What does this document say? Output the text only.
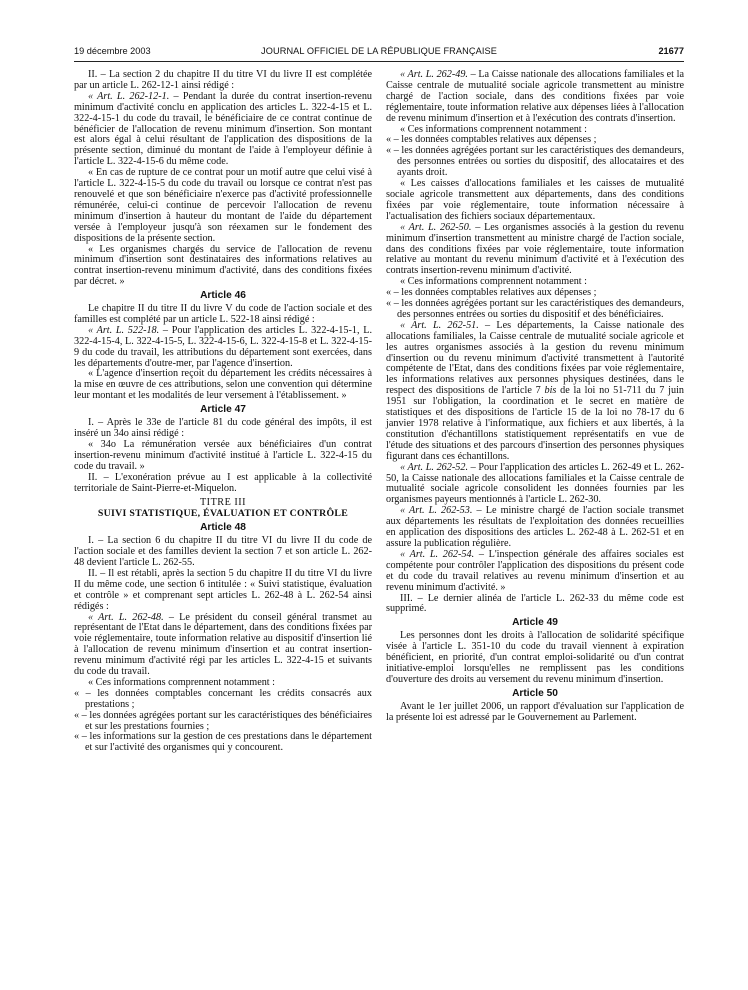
19 décembre 2003	JOURNAL OFFICIEL DE LA RÉPUBLIQUE FRANÇAISE	21677

II. – La section 2 du chapitre II du titre VI du livre II est complétée par un article L. 262-12-1 ainsi rédigé :

« Art. L. 262-12-1. – Pendant la durée du contrat insertion-revenu minimum d'activité conclu en application des articles L. 322-4-15 et L. 322-4-15-1 du code du travail, le bénéficiaire de ce contrat continue de bénéficier de l'allocation de revenu minimum d'insertion. Son montant est alors égal à celui résultant de l'application des dispositions de la présente section, diminué du montant de l'aide à l'employeur définie à l'article L. 322-4-15-6 du même code.

« En cas de rupture de ce contrat pour un motif autre que celui visé à l'article L. 322-4-15-5 du code du travail ou lorsque ce contrat n'est pas renouvelé et que son bénéficiaire n'exerce pas d'activité professionnelle rémunérée, celui-ci continue de percevoir l'allocation de revenu minimum d'insertion à hauteur du montant de l'aide du département versée à l'employeur jusqu'à son réexamen sur le fondement des dispositions de la présente section.

« Les organismes chargés du service de l'allocation de revenu minimum d'insertion sont destinataires des informations relatives au contrat insertion-revenu minimum d'activité, dans des conditions fixées par décret. »

Article 46

Le chapitre II du titre II du livre V du code de l'action sociale et des familles est complété par un article L. 522-18 ainsi rédigé :

« Art. L. 522-18. – Pour l'application des articles L. 322-4-15-1, L. 322-4-15-4, L. 322-4-15-5, L. 322-4-15-6, L. 322-4-15-8 et L. 322-4-15-9 du code du travail, les attributions du département sont exercées, dans les départements d'outre-mer, par l'agence d'insertion.

« L'agence d'insertion reçoit du département les crédits nécessaires à la mise en œuvre de ces attributions, selon une convention qui détermine leur montant et les modalités de leur versement à l'établissement. »

Article 47

I. – Après le 33e de l'article 81 du code général des impôts, il est inséré un 34o ainsi rédigé :

« 34o La rémunération versée aux bénéficiaires d'un contrat insertion-revenu minimum d'activité institué à l'article L. 322-4-15 du code du travail. »

II. – L'exonération prévue au I est applicable à la collectivité territoriale de Saint-Pierre-et-Miquelon.

TITRE III
SUIVI STATISTIQUE, ÉVALUATION ET CONTRÔLE
Article 48

I. – La section 6 du chapitre II du titre VI du livre II du code de l'action sociale et des familles devient la section 7 et son article L. 262-48 devient l'article L. 262-55.

II. – Il est rétabli, après la section 5 du chapitre II du titre VI du livre II du même code, une section 6 intitulée : « Suivi statistique, évaluation et contrôle » et comprenant sept articles L. 262-48 à L. 262-54 ainsi rédigés :

« Art. L. 262-48. – Le président du conseil général transmet au représentant de l'Etat dans le département, dans des conditions fixées par voie réglementaire, toute information relative au dispositif d'insertion lié à l'allocation de revenu minimum d'insertion et au contrat insertion-revenu minimum d'activité régi par les articles L. 322-4-15 et suivants du code du travail.

« Ces informations comprennent notamment :

« – les données comptables concernant les crédits consacrés aux prestations ;

« – les données agrégées portant sur les caractéristiques des bénéficiaires et sur les prestations fournies ;

« – les informations sur la gestion de ces prestations dans le département et sur l'activité des organismes qui y concourent.

« Art. L. 262-49. – La Caisse nationale des allocations familiales et la Caisse centrale de mutualité sociale agricole transmettent au ministre chargé de l'action sociale, dans des conditions fixées par voie réglementaire, toute information relative aux dépenses liées à l'allocation de revenu minimum d'insertion et à l'exécution des contrats d'insertion.

« Ces informations comprennent notamment :

« – les données comptables relatives aux dépenses ;

« – les données agrégées portant sur les caractéristiques des demandeurs, des personnes entrées ou sorties du dispositif, des allocataires et des ayants droit.

« Les caisses d'allocations familiales et les caisses de mutualité sociale agricole transmettent aux départements, dans des conditions fixées par voie réglementaire, toute information nécessaire à l'actualisation des fichiers sociaux départementaux.

« Art. L. 262-50. – Les organismes associés à la gestion du revenu minimum d'insertion transmettent au ministre chargé de l'action sociale, dans des conditions fixées par voie réglementaire, toute information relative au montant du revenu minimum d'activité et à l'exécution des contrats insertion-revenu minimum d'activité.

« Ces informations comprennent notamment :

« – les données comptables relatives aux dépenses ;

« – les données agrégées portant sur les caractéristiques des demandeurs, des personnes entrées ou sorties du dispositif et des bénéficiaires.

« Art. L. 262-51. – Les départements, la Caisse nationale des allocations familiales, la Caisse centrale de mutualité sociale agricole et les autres organismes associés à la gestion du revenu minimum d'insertion ou du revenu minimum d'activité transmettent à l'autorité compétente de l'Etat, dans des conditions fixées par voie réglementaire, les informations relatives aux personnes physiques destinées, dans le respect des dispositions de l'article 7 bis de la loi no 51-711 du 7 juin 1951 sur l'obligation, la coordination et le secret en matière de statistiques et des dispositions de l'article 15 de la loi no 78-17 du 6 janvier 1978 relative à l'informatique, aux fichiers et aux libertés, à la constitution d'échantillons statistiquement représentatifs en vue de l'étude des situations et des parcours d'insertion des personnes physiques figurant dans ces échantillons.

« Art. L. 262-52. – Pour l'application des articles L. 262-49 et L. 262-50, la Caisse nationale des allocations familiales et la Caisse centrale de mutualité sociale agricole consolident les données fournies par les organismes payeurs mentionnés à l'article L. 262-30.

« Art. L. 262-53. – Le ministre chargé de l'action sociale transmet aux départements les résultats de l'exploitation des données recueillies en application des dispositions des articles L. 262-48 à L. 262-51 et en assure la publication régulière.

« Art. L. 262-54. – L'inspection générale des affaires sociales est compétente pour contrôler l'application des dispositions du présent code et du code du travail relatives au revenu minimum d'insertion et au revenu minimum d'activité. »

III. – Le dernier alinéa de l'article L. 262-33 du même code est supprimé.

Article 49

Les personnes dont les droits à l'allocation de solidarité spécifique visée à l'article L. 351-10 du code du travail viennent à expiration bénéficient, en priorité, d'un contrat emploi-solidarité ou d'un contrat initiative-emploi lorsqu'elles ne remplissent pas les conditions d'ouverture des droits au versement du revenu minimum d'insertion.

Article 50

Avant le 1er juillet 2006, un rapport d'évaluation sur l'application de la présente loi est adressé par le Gouvernement au Parlement.
